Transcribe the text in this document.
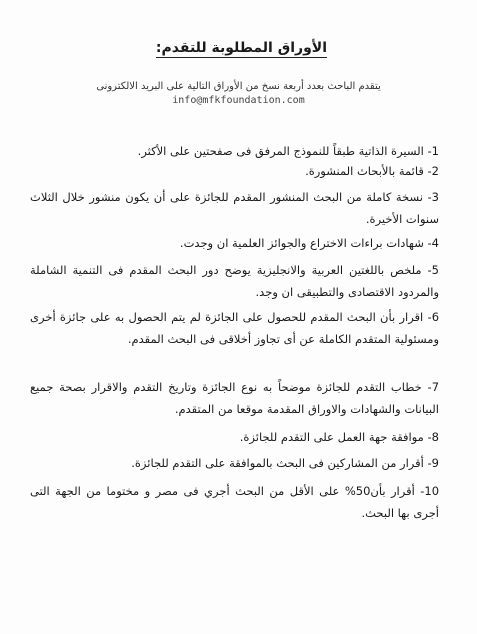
الأوراق المطلوبة للتقدم:
يتقدم الباحث بعدد أربعة نسخ من الأوراق التالية على البريد الالكترونى
info@mfkfoundation.com
1- السيرة الذاتية طبقاً للنموذج المرفق فى صفحتين على الأكثر.
2- قائمة بالأبحاث المنشورة.
3- نسخة كاملة من البحث المنشور المقدم للجائزة على أن يكون منشور خلال الثلاث سنوات الأخيرة.
4- شهادات براءات الاختراع والجوائز العلمية ان وجدت.
5- ملخص باللغتين العربية والانجليزية يوضح دور البحث المقدم فى التنمية الشاملة والمردود الاقتصادى والتطبيقى ان وجد.
6- اقرار بأن البحث المقدم للحصول على الجائزة لم يتم الحصول به على جائزة أخرى ومسئولية المتقدم الكاملة عن أى تجاوز أخلاقى فى البحث المقدم.
7- خطاب التقدم للجائزة موضحاً به نوع الجائزة وتاريخ التقدم والاقرار بصحة جميع البيانات والشهادات والاوراق المقدمة موقعا من المتقدم.
8- موافقة جهة العمل على التقدم للجائزة.
9- أقرار من المشاركين فى البحث بالموافقة على التقدم للجائزة.
10- أقرار بأن50% على الأقل من البحث أجري فى مصر و مختوما من الجهة التى أجرى بها البحث.
